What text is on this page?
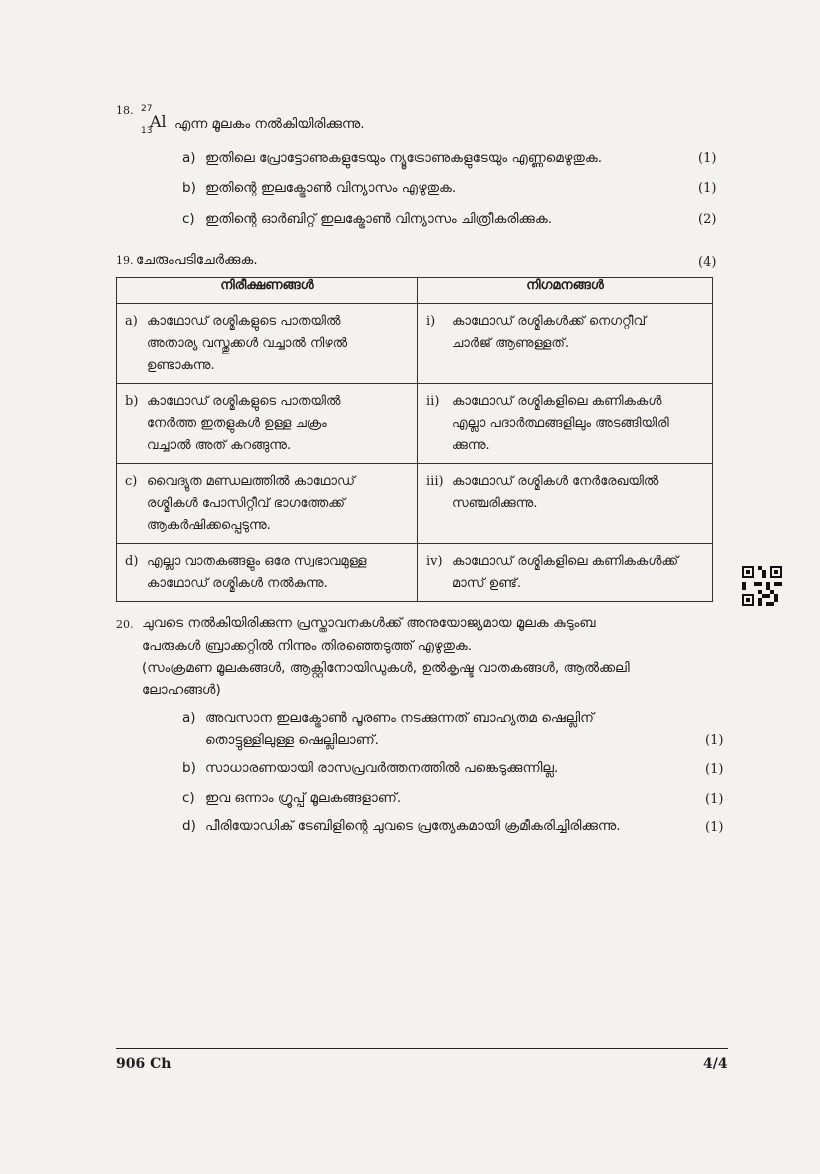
18. 27
13
Al എന്ന മൂലകം നൽകിയിരിക്കുന്നു.
a) ഇതിലെ പ്രോട്ടോണുകളുടേയും ന്യൂട്രോണുകളുടേയും എണ്ണമെഴുതുക.	(1)
b) ഇതിന്റെ ഇലക്ട്രോൺ വിന്യാസം എഴുതുക.	(1)
c) ഇതിന്റെ ഓർബിറ്റ് ഇലക്ട്രോൺ വിന്യാസം ചിത്രീകരിക്കുക.	(2)
19. ചേരുംപടിചേർക്കുക.	(4)
നിരീക്ഷണങ്ങൾ	നിഗമനങ്ങൾ

a) കാഥോഡ് രശ്മികളുടെ പാതയിൽ
അതാര്യ വസ്തുക്കൾ വച്ചാൽ നിഴൽ
ഉണ്ടാകുന്നു.	i) കാഥോഡ് രശ്മികൾക്ക് നെഗറ്റീവ്
ചാർജ് ആണുള്ളത്.

b) കാഥോഡ് രശ്മികളുടെ പാതയിൽ
നേർത്ത ഇതളുകൾ ഉള്ള ചക്രം
വച്ചാൽ അത് കറങ്ങുന്നു.	ii) കാഥോഡ് രശ്മികളിലെ കണികകൾ
എല്ലാ പദാർത്ഥങ്ങളിലും അടങ്ങിയിരി
ക്കുന്നു.

c) വൈദ്യുത മണ്ഡലത്തിൽ കാഥോഡ്
രശ്മികൾ പോസിറ്റീവ് ഭാഗത്തേക്ക്
ആകർഷിക്കപ്പെടുന്നു.	iii) കാഥോഡ് രശ്മികൾ നേർരേഖയിൽ
സഞ്ചരിക്കുന്നു.

d) എല്ലാ വാതകങ്ങളും ഒരേ സ്വഭാവമുള്ള
കാഥോഡ് രശ്മികൾ നൽകുന്നു.	iv) കാഥോഡ് രശ്മികളിലെ കണികകൾക്ക്
മാസ് ഉണ്ട്.
20. ചുവടെ നൽകിയിരിക്കുന്ന പ്രസ്താവനകൾക്ക് അനുയോജ്യമായ മൂലക കുടുംബ
പേരുകൾ ബ്രാക്കറ്റിൽ നിന്നും തിരഞ്ഞെടുത്ത് എഴുതുക.
(സംക്രമണ മൂലകങ്ങൾ, ആക്റ്റിനോയിഡുകൾ, ഉൽകൃഷ്ട വാതകങ്ങൾ, ആൽക്കലി
ലോഹങ്ങൾ)
a) അവസാന ഇലക്ട്രോൺ പൂരണം നടക്കുന്നത് ബാഹ്യതമ ഷെല്ലിന്
തൊട്ടുള്ളിലുള്ള ഷെല്ലിലാണ്.	(1)
b) സാധാരണയായി രാസപ്രവർത്തനത്തിൽ പങ്കെടുക്കുന്നില്ല.	(1)
c) ഇവ ഒന്നാം ഗ്രൂപ്പ് മൂലകങ്ങളാണ്.	(1)
d) പീരിയോഡിക് ടേബിളിന്റെ ചുവടെ പ്രത്യേകമായി ക്രമീകരിച്ചിരിക്കുന്നു.	(1)
906 Ch	4/4
